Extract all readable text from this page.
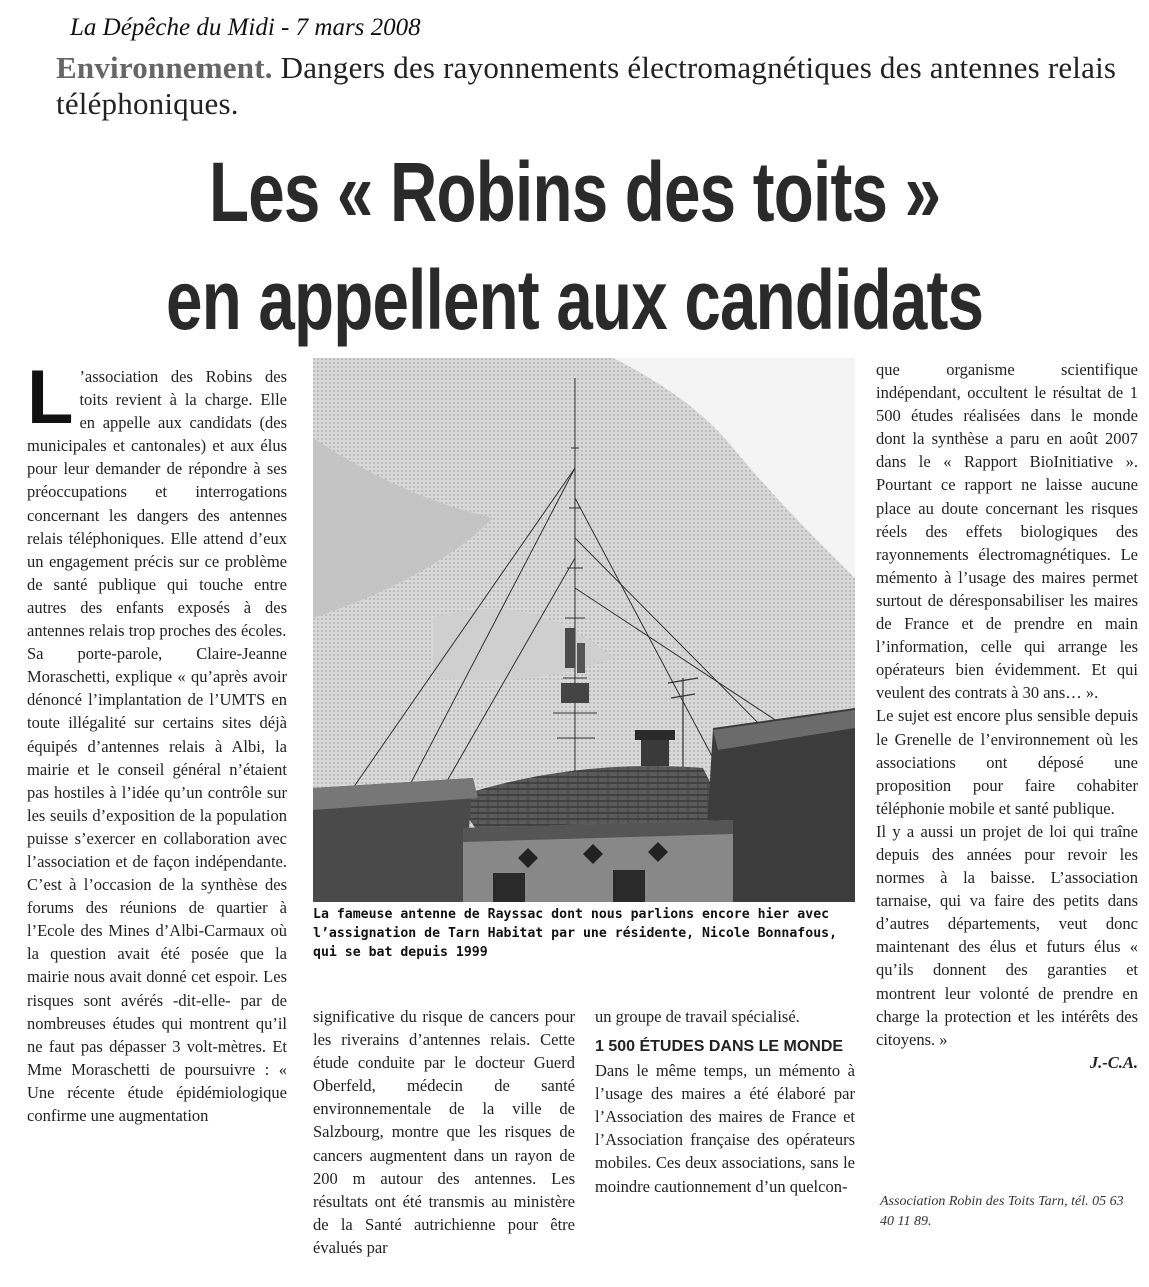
La Dépêche du Midi - 7 mars 2008
Environnement. Dangers des rayonnements électromagnétiques des antennes relais téléphoniques.
Les « Robins des toits »
en appellent aux candidats
L ’association des Robins des toits revient à la charge. Elle en appelle aux candidats (des municipales et cantonales) et aux élus pour leur demander de répondre à ses préoccupations et interrogations concernant les dangers des antennes relais téléphoniques. Elle attend d’eux un engagement précis sur ce problème de santé publique qui touche entre autres des enfants exposés à des antennes relais trop proches des écoles.

Sa porte-parole, Claire-Jeanne Moraschetti, explique « qu’après avoir dénoncé l’implantation de l’UMTS en toute illégalité sur certains sites déjà équipés d’antennes relais à Albi, la mairie et le conseil général n’étaient pas hostiles à l’idée qu’un contrôle sur les seuils d’exposition de la population puisse s’exercer en collaboration avec l’association et de façon indépendante. C’est à l’occasion de la synthèse des forums des réunions de quartier à l’Ecole des Mines d’Albi-Carmaux où la question avait été posée que la mairie nous avait donné cet espoir. Les risques sont avérés -dit-elle- par de nombreuses études qui montrent qu’il ne faut pas dépasser 3 volt-mètres. Et Mme Moraschetti de poursuivre : « Une récente étude épidémiologique confirme une augmentation

La fameuse antenne de Rayssac dont nous parlions encore hier avec l’assignation de Tarn Habitat par une résidente, Nicole Bonnafous, qui se bat depuis 1999

significative du risque de cancers pour les riverains d’antennes relais. Cette étude conduite par le docteur Guerd Oberfeld, médecin de santé environnementale de la ville de Salzbourg, montre que les risques de cancers augmentent dans un rayon de 200 m autour des antennes. Les résultats ont été transmis au ministère de la Santé autrichienne pour être évalués par

un groupe de travail spécialisé.

1 500 ÉTUDES DANS LE MONDE

Dans le même temps, un mémento à l’usage des maires a été élaboré par l’Association des maires de France et l’Association française des opérateurs mobiles. Ces deux associations, sans le moindre cautionnement d’un quelcon-

que organisme scientifique indépendant, occultent le résultat de 1 500 études réalisées dans le monde dont la synthèse a paru en août 2007 dans le « Rapport BioInitiative ». Pourtant ce rapport ne laisse aucune place au doute concernant les risques réels des effets biologiques des rayonnements électromagnétiques. Le mémento à l’usage des maires permet surtout de déresponsabiliser les maires de France et de prendre en main l’information, celle qui arrange les opérateurs bien évidemment. Et qui veulent des contrats à 30 ans… ».

Le sujet est encore plus sensible depuis le Grenelle de l’environnement où les associations ont déposé une proposition pour faire cohabiter téléphonie mobile et santé publique.

Il y a aussi un projet de loi qui traîne depuis des années pour revoir les normes à la baisse. L’association tarnaise, qui va faire des petits dans d’autres départements, veut donc maintenant des élus et futurs élus « qu’ils donnent des garanties et montrent leur volonté de prendre en charge la protection et les intérêts des citoyens. »

J.-C.A.

Association Robin des Toits Tarn, tél. 05 63 40 11 89.
